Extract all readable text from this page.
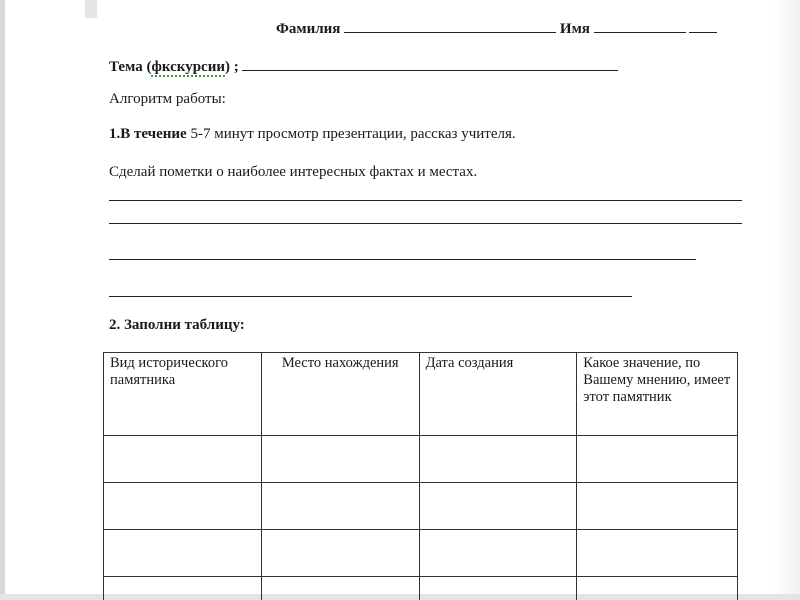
Фамилия	Имя
Тема (фкскурсии) ;
Алгоритм работы:
1.В течение 5-7 минут просмотр презентации, рассказ учителя.
Сделай пометки о наиболее интересных фактах и местах.
2. Заполни таблицу:
Вид исторического памятника	Место нахождения	Дата создания	Какое значение, по Вашему мнению, имеет этот памятник
